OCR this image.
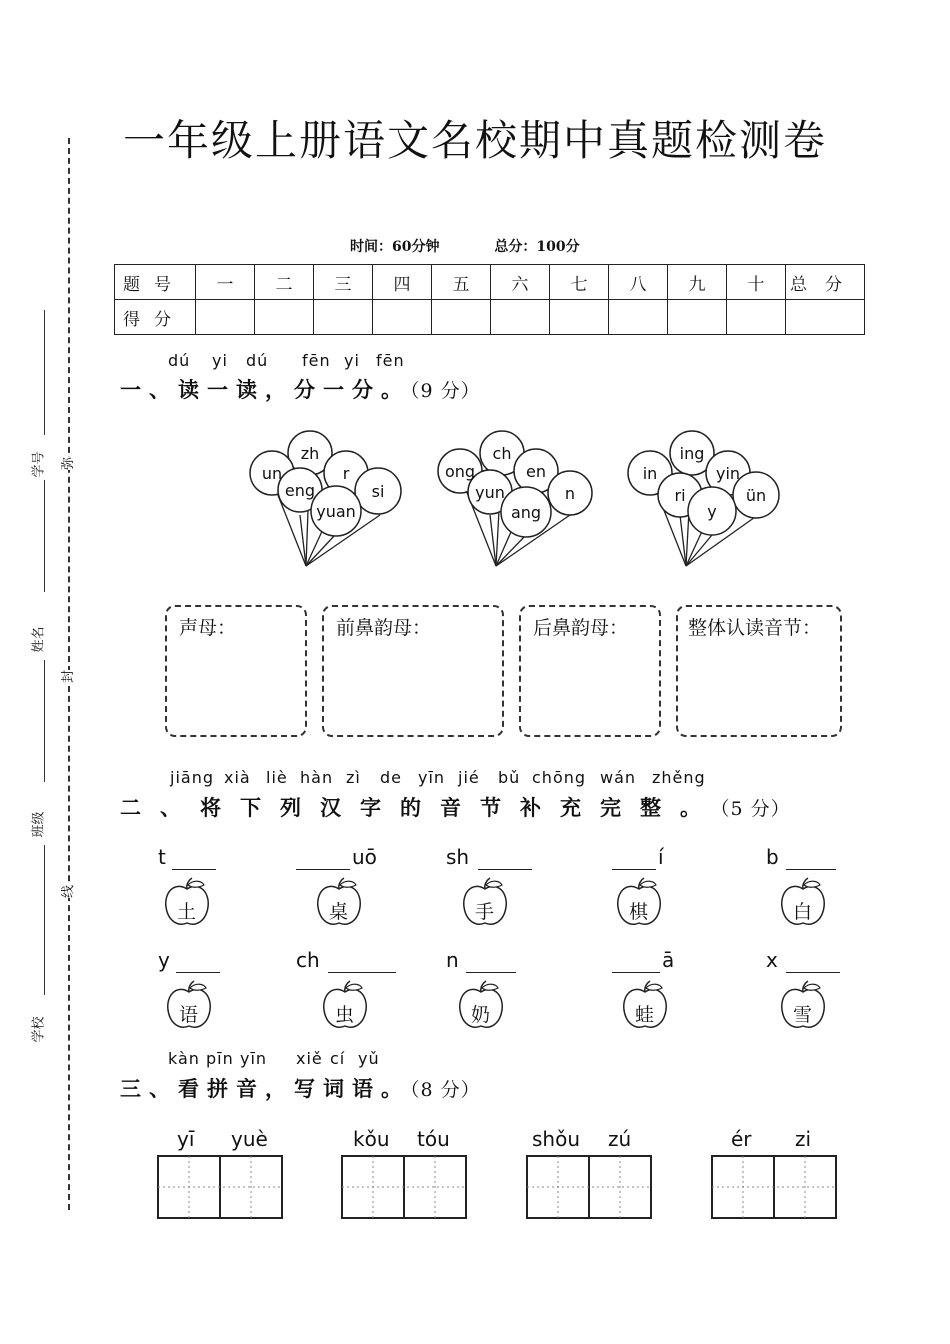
学号
姓名
班级
学校
弥
封
线
一年级上册语文名校期中真题检测卷
时间：60分钟	总分：100分
题号	一	二	三	四	五	六	七	八	九	十	总分
得分											
dú yi dú fēn yi fēn
一、读一读，分一分。（9 分）
zh
un	r
eng	si
yuan
ch
ong	en
yun	n
ang
ing
in	yin
ri	ün
y
声母：	前鼻韵母：	后鼻韵母：	整体认读音节：
jiāng xià liè hàn zì de yīn jié bǔ chōng wán zhěng
二、将下列汉字的音节补充完整。（5 分）
t
土
uō
桌
sh
手
í
棋
b
白
y
语
ch
虫
n
奶
ā
蛙
x
雪
kàn pīn yīn xiě cí yǔ
三、看拼音，写词语。（8 分）
yī yuè	kǒu tóu	shǒu zú	ér zi
